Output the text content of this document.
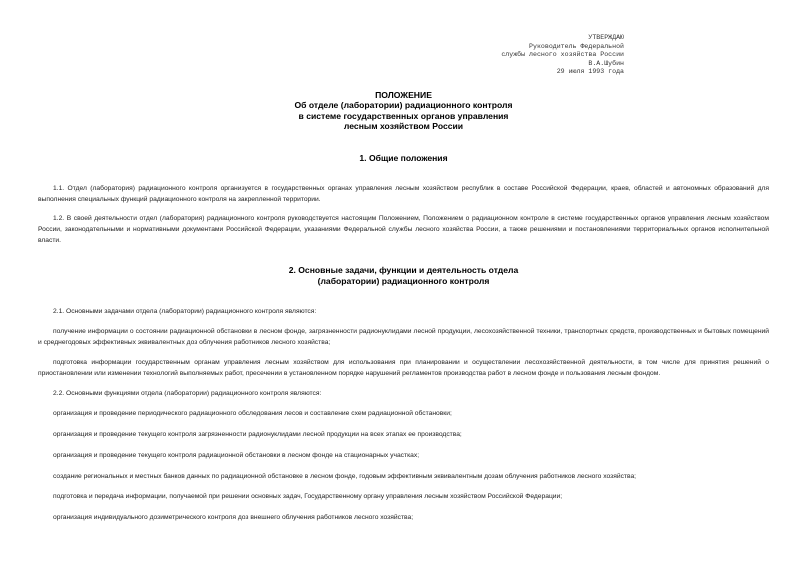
УТВЕРЖДАЮ
Руководитель Федеральной
службы лесного хозяйства России
В.А.Шубин
29 июля 1993 года
ПОЛОЖЕНИЕ
Об отделе (лаборатории) радиационного контроля
в системе государственных органов управления
лесным хозяйством России
1. Общие положения
1.1. Отдел (лаборатория) радиационного контроля организуется в государственных органах управления лесным хозяйством республик в составе Российской Федерации, краев, областей и автономных образований для выполнения специальных функций радиационного контроля на закрепленной территории.
1.2. В своей деятельности отдел (лаборатория) радиационного контроля руководствуется настоящим Положением, Положением о радиационном контроле в системе государственных органов управления лесным хозяйством России, законодательными и нормативными документами Российской Федерации, указаниями Федеральной службы лесного хозяйства России, а также решениями и постановлениями территориальных органов исполнительной власти.
2. Основные задачи, функции и деятельность отдела
(лаборатории) радиационного контроля
2.1. Основными задачами отдела (лаборатории) радиационного контроля являются:
получение информации о состоянии радиационной обстановки в лесном фонде, загрязненности радионуклидами лесной продукции, лесохозяйственной техники, транспортных средств, производственных и бытовых помещений и среднегодовых эффективных эквивалентных доз облучения работников лесного хозяйства;
подготовка информации государственным органам управления лесным хозяйством для использования при планировании и осуществлении лесохозяйственной деятельности, в том числе для принятия решений о приостановлении или изменении технологий выполняемых работ, пресечении в установленном порядке нарушений регламентов производства работ в лесном фонде и пользования лесным фондом.
2.2. Основными функциями отдела (лаборатории) радиационного контроля являются:
организация и проведение периодического радиационного обследования лесов и составление схем радиационной обстановки;
организация и проведение текущего контроля загрязненности радионуклидами лесной продукции на всех этапах ее производства;
организация и проведение текущего контроля радиационной обстановки в лесном фонде на стационарных участках;
создание региональных и местных банков данных по радиационной обстановке в лесном фонде, годовым эффективным эквивалентным дозам облучения работников лесного хозяйства;
подготовка и передача информации, получаемой при решении основных задач, Государственному органу управления лесным хозяйством Российской Федерации;
организация индивидуального дозиметрического контроля доз внешнего облучения работников лесного хозяйства;
